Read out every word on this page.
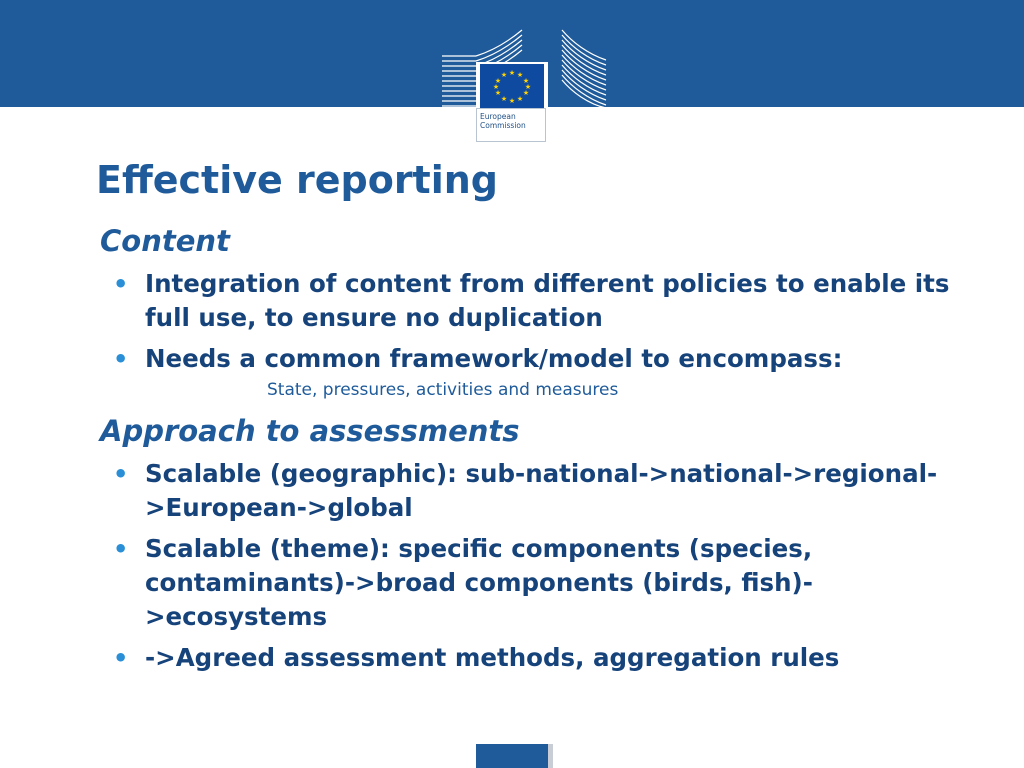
★ ★
★
★
★
★
★
★
★
★
★
★
European
Commission
Effective reporting
Content
• Integration of content from different policies to enable its full use, to ensure no duplication
• Needs a common framework/model to encompass:
State, pressures, activities and measures
Approach to assessments
• Scalable (geographic): sub-national->national->regional->European->global
• Scalable (theme): specific components (species, contaminants)->broad components (birds, fish)->ecosystems
• ->Agreed assessment methods, aggregation rules
